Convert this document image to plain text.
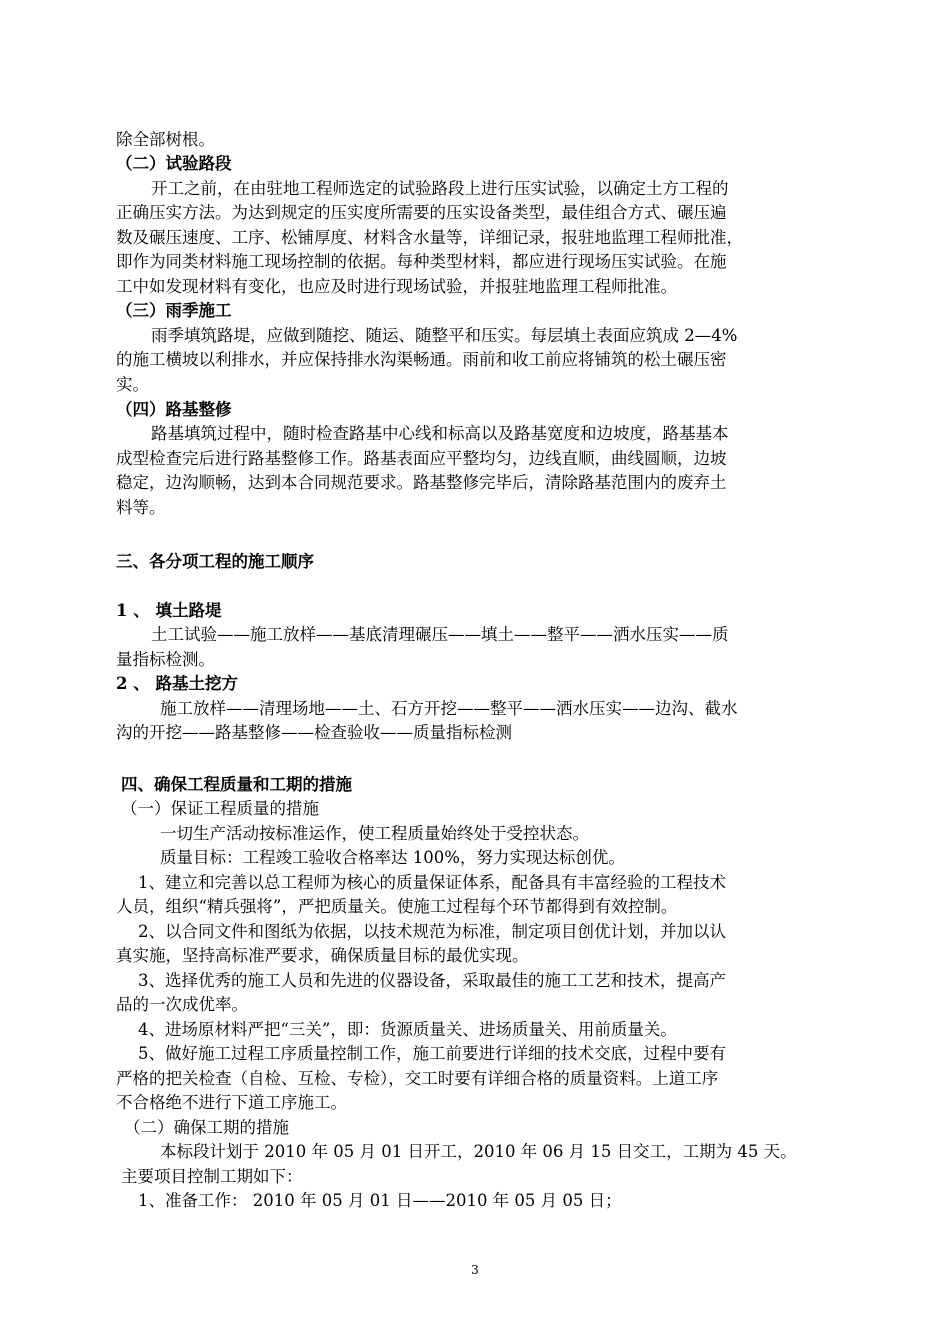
除全部树根。

（二）试验路段

开工之前，在由驻地工程师选定的试验路段上进行压实试验，以确定土方工程的

正确压实方法。为达到规定的压实度所需要的压实设备类型，最佳组合方式、碾压遍

数及碾压速度、工序、松铺厚度、材料含水量等，详细记录，报驻地监理工程师批准，

即作为同类材料施工现场控制的依据。每种类型材料，都应进行现场压实试验。在施

工中如发现材料有变化，也应及时进行现场试验，并报驻地监理工程师批准。

（三）雨季施工

雨季填筑路堤，应做到随挖、随运、随整平和压实。每层填土表面应筑成 2—4%

的施工横坡以利排水，并应保持排水沟渠畅通。雨前和收工前应将铺筑的松土碾压密

实。

（四）路基整修

路基填筑过程中，随时检查路基中心线和标高以及路基宽度和边坡度，路基基本

成型检查完后进行路基整修工作。路基表面应平整均匀，边线直顺，曲线圆顺，边坡

稳定，边沟顺畅，达到本合同规范要求。路基整修完毕后，清除路基范围内的废弃土

料等。

三、各分项工程的施工顺序

1 、 填土路堤

土工试验——施工放样——基底清理碾压——填土——整平——洒水压实——质

量指标检测。

2 、 路基土挖方

施工放样——清理场地——土、石方开挖——整平——洒水压实——边沟、截水

沟的开挖——路基整修——检查验收——质量指标检测

四、确保工程质量和工期的措施

（一）保证工程质量的措施

一切生产活动按标准运作，使工程质量始终处于受控状态。

质量目标：工程竣工验收合格率达 100%，努力实现达标创优。

1、建立和完善以总工程师为核心的质量保证体系，配备具有丰富经验的工程技术

人员，组织“精兵强将”，严把质量关。使施工过程每个环节都得到有效控制。

2、以合同文件和图纸为依据，以技术规范为标准，制定项目创优计划，并加以认

真实施，坚持高标准严要求，确保质量目标的最优实现。

3、选择优秀的施工人员和先进的仪器设备，采取最佳的施工工艺和技术，提高产

品的一次成优率。

4、进场原材料严把“三关”，即：货源质量关、进场质量关、用前质量关。

5、做好施工过程工序质量控制工作，施工前要进行详细的技术交底，过程中要有

严格的把关检查（自检、互检、专检），交工时要有详细合格的质量资料。上道工序

不合格绝不进行下道工序施工。

（二）确保工期的措施

本标段计划于 2010 年 05 月 01 日开工，2010 年 06 月 15 日交工，工期为 45 天。

主要项目控制工期如下：

1、准备工作： 2010 年 05 月 01 日——2010 年 05 月 05 日；

3
